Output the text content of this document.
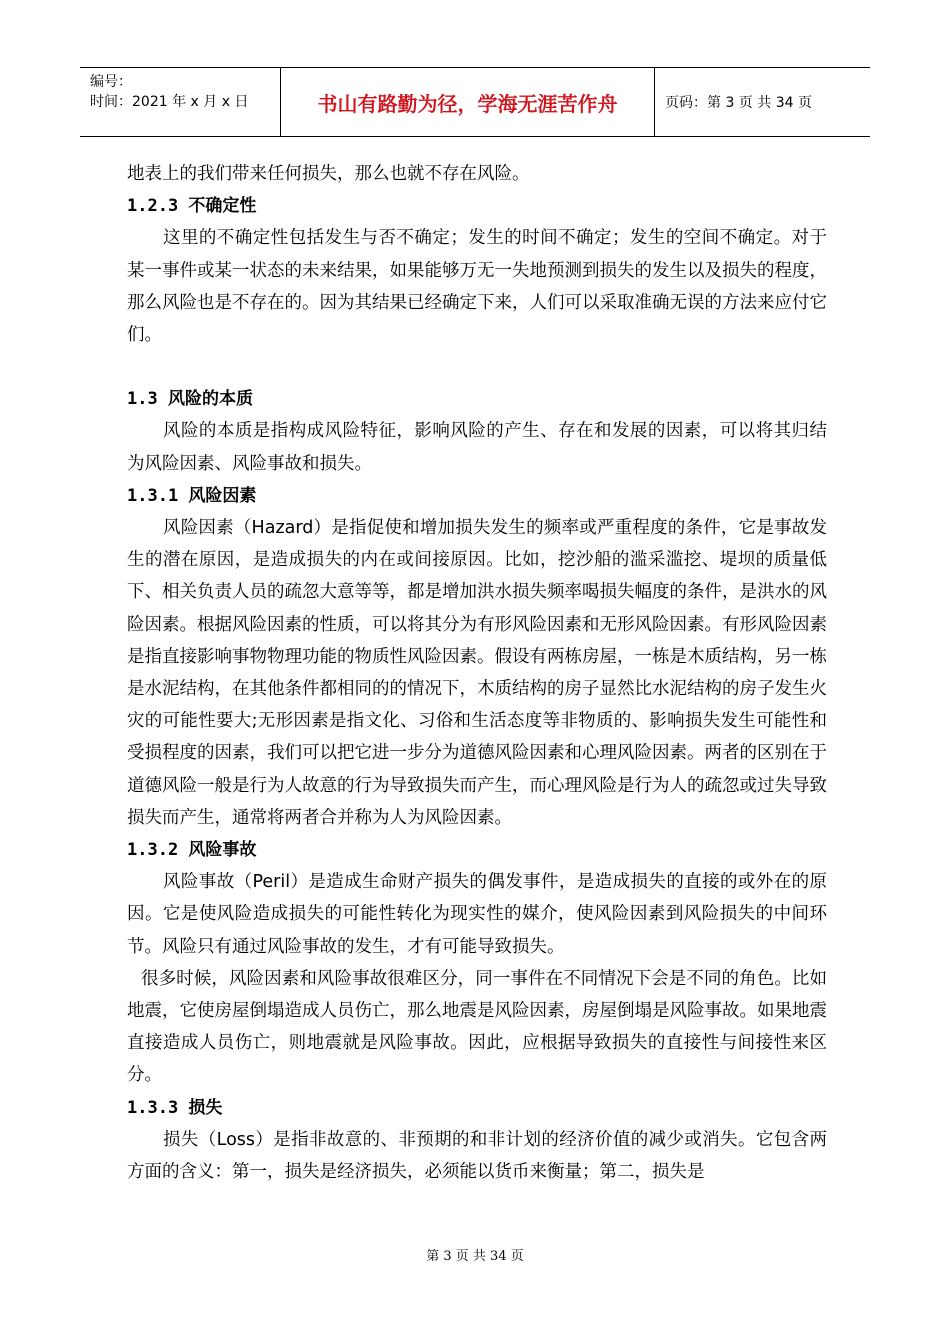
编号：
时间：2021 年 x 月 x 日	书山有路勤为径，学海无涯苦作舟	页码：第 3 页 共 34 页

地表上的我们带来任何损失，那么也就不存在风险。

1.2.3 不确定性

这里的不确定性包括发生与否不确定；发生的时间不确定；发生的空间不确定。对于某一事件或某一状态的未来结果，如果能够万无一失地预测到损失的发生以及损失的程度，那么风险也是不存在的。因为其结果已经确定下来，人们可以采取准确无误的方法来应付它们。

1.3 风险的本质

风险的本质是指构成风险特征，影响风险的产生、存在和发展的因素，可以将其归结为风险因素、风险事故和损失。

1.3.1 风险因素

风险因素（Hazard）是指促使和增加损失发生的频率或严重程度的条件，它是事故发生的潜在原因，是造成损失的内在或间接原因。比如，挖沙船的滥采滥挖、堤坝的质量低下、相关负责人员的疏忽大意等等，都是增加洪水损失频率喝损失幅度的条件，是洪水的风险因素。根据风险因素的性质，可以将其分为有形风险因素和无形风险因素。有形风险因素是指直接影响事物物理功能的物质性风险因素。假设有两栋房屋，一栋是木质结构，另一栋是水泥结构，在其他条件都相同的的情况下，木质结构的房子显然比水泥结构的房子发生火灾的可能性要大;无形因素是指文化、习俗和生活态度等非物质的、影响损失发生可能性和受损程度的因素，我们可以把它进一步分为道德风险因素和心理风险因素。两者的区别在于道德风险一般是行为人故意的行为导致损失而产生，而心理风险是行为人的疏忽或过失导致损失而产生，通常将两者合并称为人为风险因素。

1.3.2 风险事故

风险事故（Peril）是造成生命财产损失的偶发事件，是造成损失的直接的或外在的原因。它是使风险造成损失的可能性转化为现实性的媒介，使风险因素到风险损失的中间环节。风险只有通过风险事故的发生，才有可能导致损失。

很多时候，风险因素和风险事故很难区分，同一事件在不同情况下会是不同的角色。比如地震，它使房屋倒塌造成人员伤亡，那么地震是风险因素，房屋倒塌是风险事故。如果地震直接造成人员伤亡，则地震就是风险事故。因此，应根据导致损失的直接性与间接性来区分。

1.3.3 损失

损失（Loss）是指非故意的、非预期的和非计划的经济价值的减少或消失。它包含两方面的含义：第一，损失是经济损失，必须能以货币来衡量；第二，损失是

第 3 页 共 34 页
